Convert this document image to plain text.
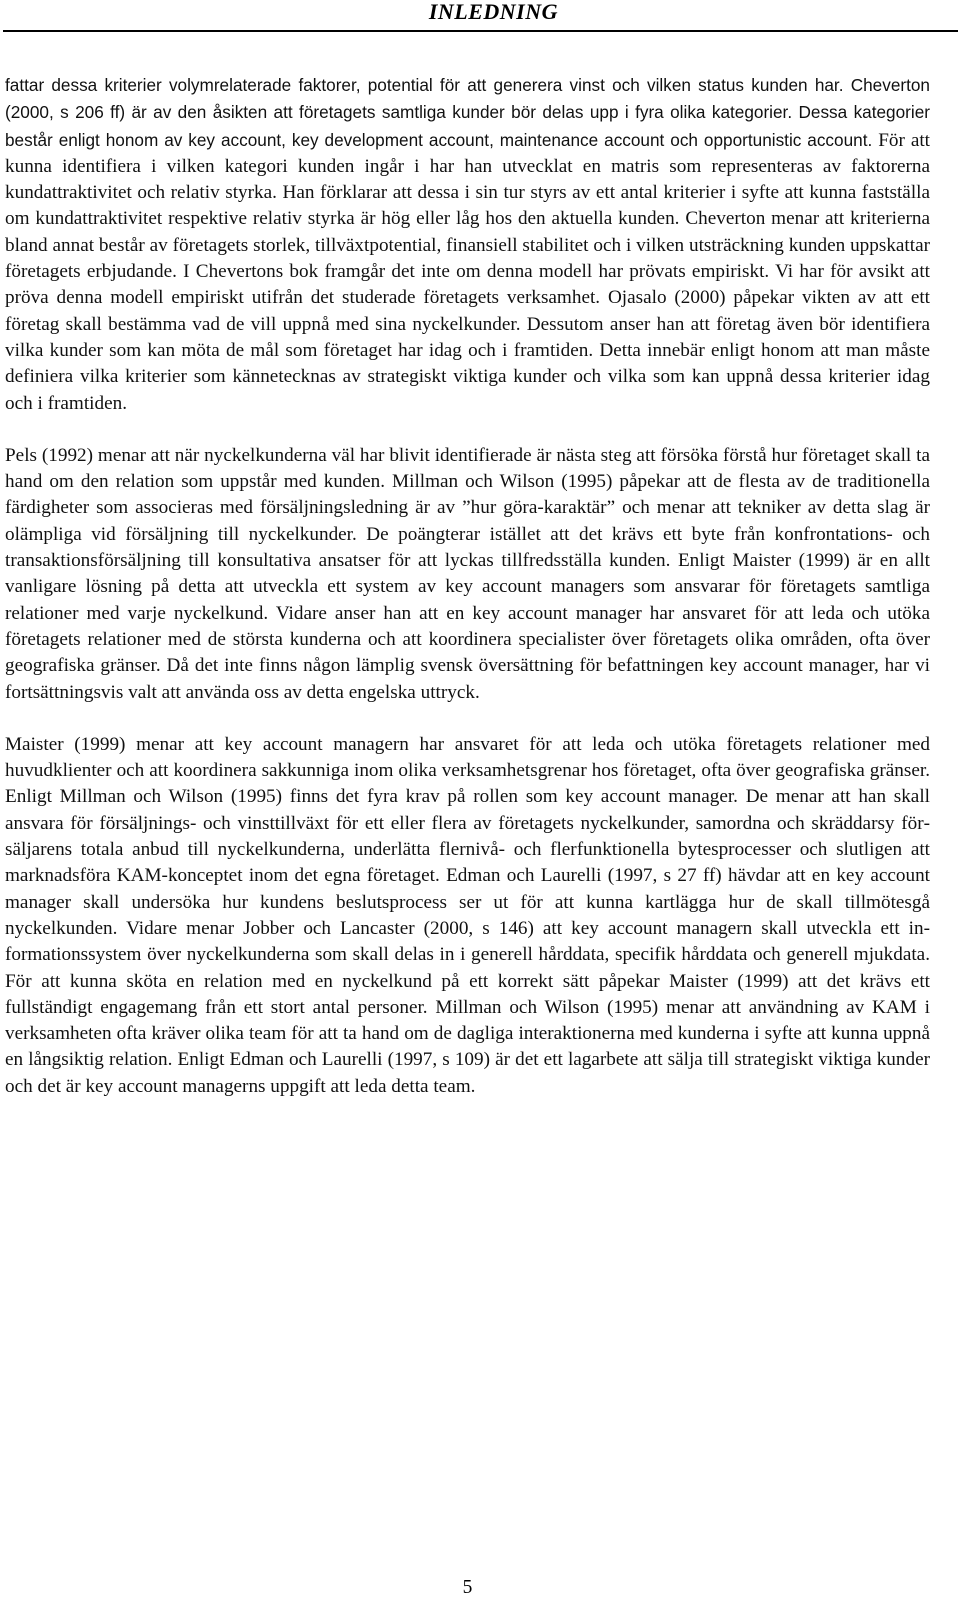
INLEDNING

fattar dessa kriterier volymrelaterade faktorer, potential för att generera vinst och vilken status kunden har. Cheverton (2000, s 206 ff) är av den åsikten att företagets samtliga kunder bör delas upp i fyra olika kategorier. Dessa kategorier består enligt honom av key account, key development account, maintenance account och opportunistic account. För att kunna identifiera i vilken kategori kunden ingår i har han utvecklat en matris som representeras av faktorerna kundattraktivitet och relativ styrka. Han förklarar att dessa i sin tur styrs av ett antal kriterier i syfte att kunna fastställa om kundattraktivitet respektive relativ styrka är hög eller låg hos den aktuella kunden. Cheverton menar att kriterierna bland annat består av företagets storlek, tillväxtpotential, finansiell stabilitet och i vilken utsträckning kunden uppskattar företagets erbjudande. I Chevertons bok framgår det inte om denna modell har prövats empiriskt. Vi har för avsikt att pröva denna modell empiriskt utifrån det studerade företagets verksamhet. Ojasalo (2000) påpekar vikten av att ett företag skall bestämma vad de vill uppnå med sina nyckelkunder. Dessutom anser han att företag även bör identifiera vilka kunder som kan möta de mål som företaget har idag och i framtiden. Detta innebär enligt honom att man måste definiera vilka kriterier som kännetecknas av strategiskt viktiga kunder och vilka som kan uppnå dessa kriterier idag och i framtiden.

Pels (1992) menar att när nyckelkunderna väl har blivit identifierade är nästa steg att försöka förstå hur företaget skall ta hand om den relation som uppstår med kunden. Millman och Wilson (1995) påpekar att de flesta av de traditionella färdigheter som associeras med försäljningsledning är av ”hur göra-karaktär” och menar att tekniker av detta slag är olämpliga vid försäljning till nyckelkunder. De poängterar istället att det krävs ett byte från konfrontations- och transaktionsförsäljning till konsultativa ansatser för att lyckas tillfredsställa kunden. Enligt Maister (1999) är en allt vanligare lösning på detta att utveckla ett system av key account managers som ansvarar för företagets samtliga relationer med varje nyckelkund. Vidare anser han att en key account manager har ansvaret för att leda och utöka företagets relationer med de största kunderna och att koordinera specialister över företagets olika områden, ofta över geografiska gränser. Då det inte finns någon lämplig svensk översättning för befattningen key account manager, har vi fortsättningsvis valt att använda oss av detta engelska uttryck.

Maister (1999) menar att key account managern har ansvaret för att leda och utöka företagets relationer med huvudklienter och att koordinera sakkunniga inom olika verksamhetsgrenar hos företaget, ofta över geografiska gränser. Enligt Millman och Wilson (1995) finns det fyra krav på rollen som key account manager. De menar att han skall ansvara för försäljnings- och vinsttillväxt för ett eller flera av företagets nyckelkunder, samordna och skräddarsy försäljarens totala anbud till nyckelkunderna, underlätta flernivå- och flerfunktionella bytesprocesser och slutligen att marknadsföra KAM-konceptet inom det egna företaget. Edman och Laurelli (1997, s 27 ff) hävdar att en key account manager skall undersöka hur kundens beslutsprocess ser ut för att kunna kartlägga hur de skall tillmötesgå nyckelkunden. Vidare menar Jobber och Lancaster (2000, s 146) att key account managern skall utveckla ett informationssystem över nyckelkunderna som skall delas in i generell hårddata, specifik hårddata och generell mjukdata. För att kunna sköta en relation med en nyckelkund på ett korrekt sätt påpekar Maister (1999) att det krävs ett fullständigt engagemang från ett stort antal personer. Millman och Wilson (1995) menar att användning av KAM i verksamheten ofta kräver olika team för att ta hand om de dagliga interaktionerna med kunderna i syfte att kunna uppnå en långsiktig relation. Enligt Edman och Laurelli (1997, s 109) är det ett lagarbete att sälja till strategiskt viktiga kunder och det är key account managerns uppgift att leda detta team.

5
